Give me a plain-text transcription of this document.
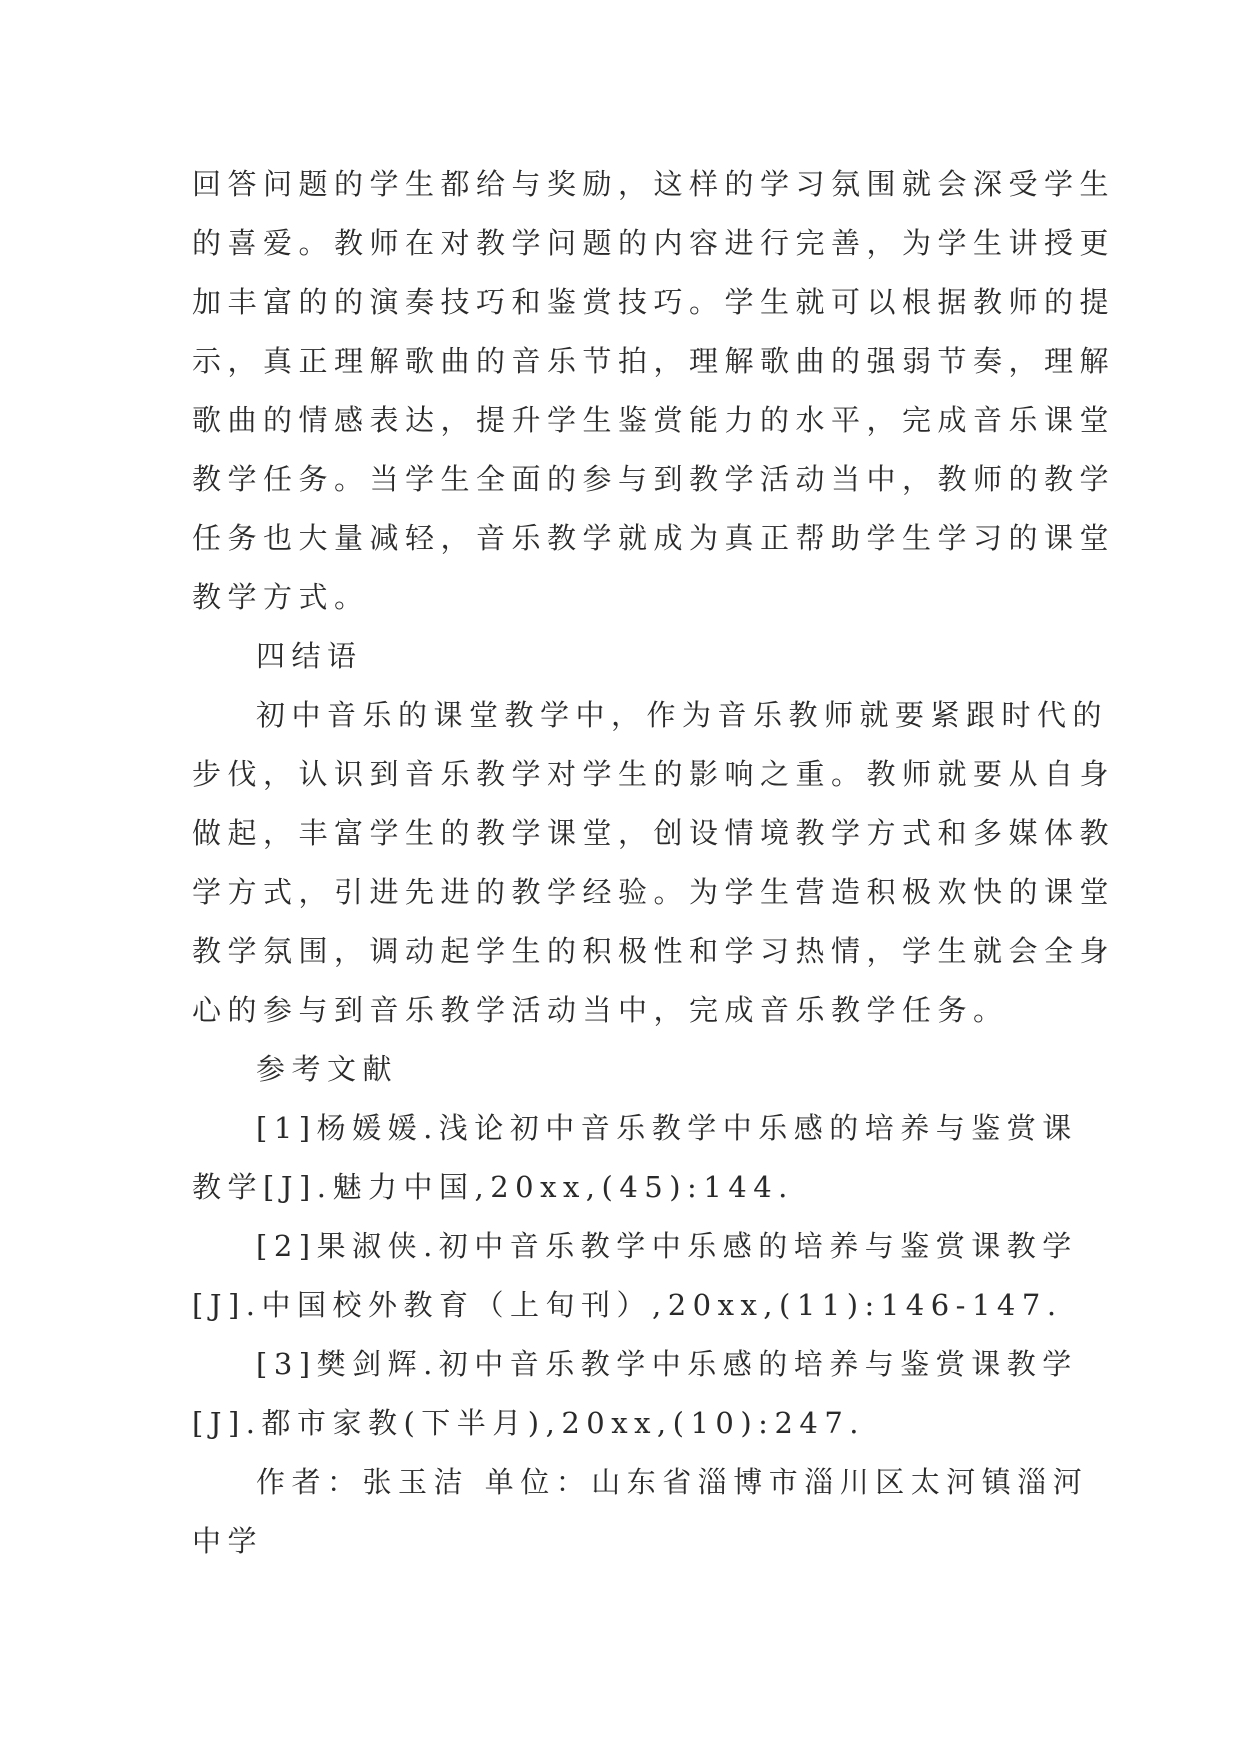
回答问题的学生都给与奖励，这样的学习氛围就会深受学生
的喜爱。教师在对教学问题的内容进行完善，为学生讲授更
加丰富的的演奏技巧和鉴赏技巧。学生就可以根据教师的提
示，真正理解歌曲的音乐节拍，理解歌曲的强弱节奏，理解
歌曲的情感表达，提升学生鉴赏能力的水平，完成音乐课堂
教学任务。当学生全面的参与到教学活动当中，教师的教学
任务也大量减轻，音乐教学就成为真正帮助学生学习的课堂
教学方式。
四结语
初中音乐的课堂教学中，作为音乐教师就要紧跟时代的
步伐，认识到音乐教学对学生的影响之重。教师就要从自身
做起，丰富学生的教学课堂，创设情境教学方式和多媒体教
学方式，引进先进的教学经验。为学生营造积极欢快的课堂
教学氛围，调动起学生的积极性和学习热情，学生就会全身
心的参与到音乐教学活动当中，完成音乐教学任务。
参考文献
[1]杨媛媛.浅论初中音乐教学中乐感的培养与鉴赏课
教学[J].魅力中国,20xx,(45):144.
[2]果淑侠.初中音乐教学中乐感的培养与鉴赏课教学
[J].中国校外教育（上旬刊）,20xx,(11):146-147.
[3]樊剑辉.初中音乐教学中乐感的培养与鉴赏课教学
[J].都市家教(下半月),20xx,(10):247.
作者：张玉洁 单位：山东省淄博市淄川区太河镇淄河
中学
